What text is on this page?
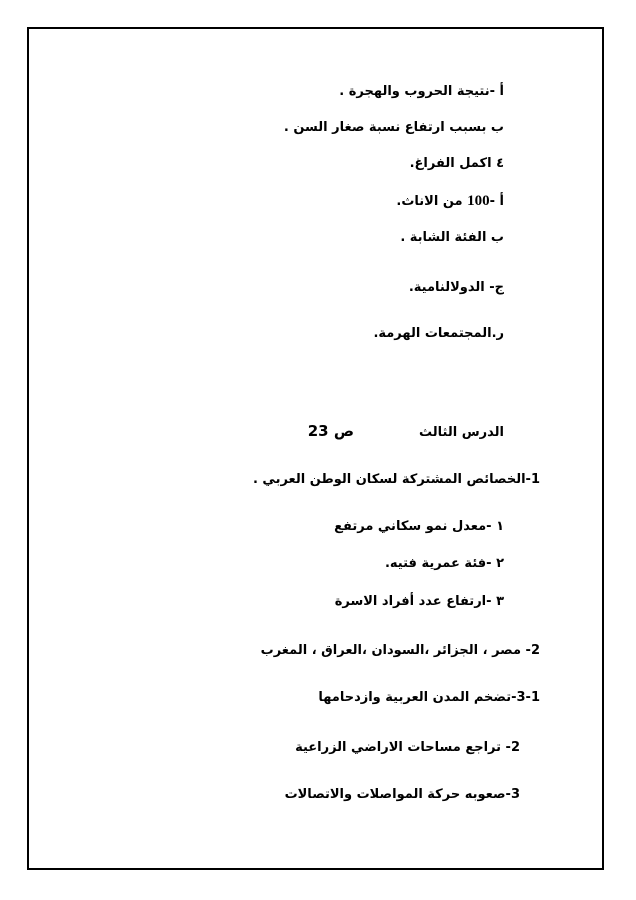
أ -نتيجة الحروب والهجرة .
ب بسبب ارتفاع نسبة صغار السن .
٤ اكمل الفراغ.
أ -100 من الاناث.
ب الفئة الشابة .
ج- الدولالنامية.
ر.المجتمعات الهرمة.
الدرس الثالث
ص 23
1-الخصائص المشتركة لسكان الوطن العربي .
١ -معدل نمو سكاني مرتفع
٢ -فئة عمرية فتيه.
٣ -ارتفاع عدد أفراد الاسرة
2- مصر ، الجزائر ،السودان ،العراق ، المغرب
3-1-تضخم المدن العربية وازدحامها
2- تراجع مساحات الاراضي الزراعية
3-صعوبه حركة المواصلات والاتصالات
